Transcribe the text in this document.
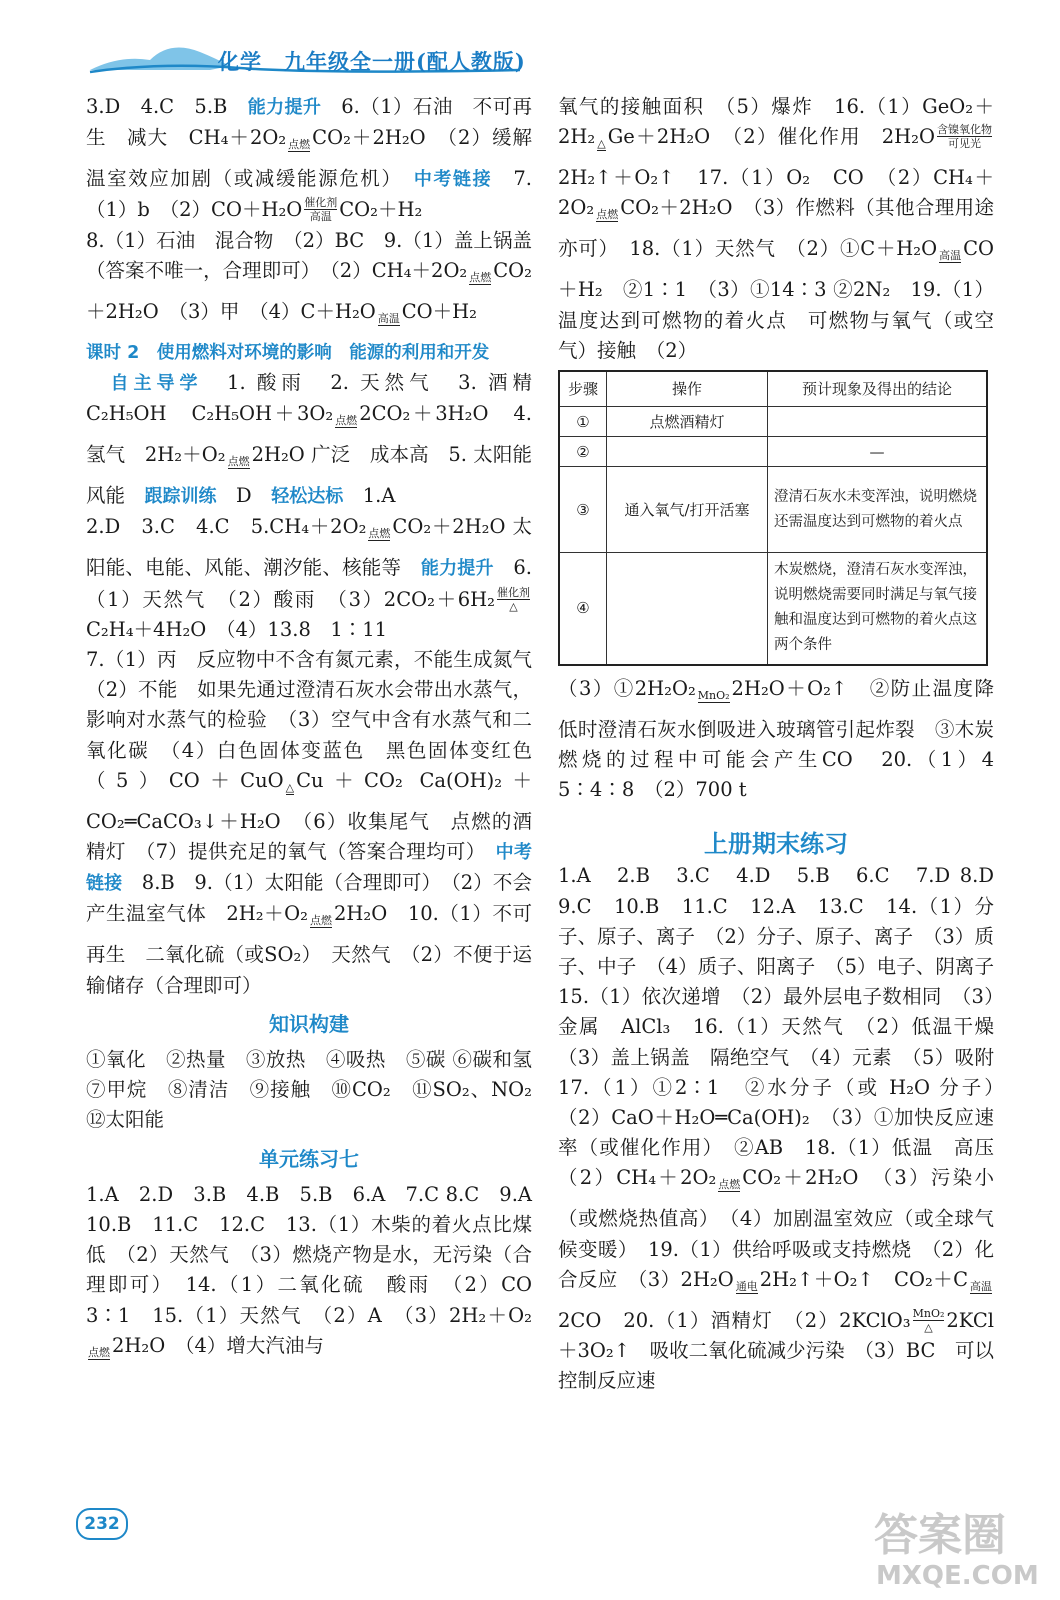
化学　九年级全一册(配人教版)

3.D　4.C　5.B　 能力提升　 6.（1）石油　不可再生　减大　CH₄＋2O₂ 点燃 CO₂＋2H₂O　（2）缓解温室效应加剧（或减缓能源危机）　 中考链接　 7.（1）b　（2）CO＋H₂O 催化剂
高温 CO₂＋H₂

8.（1）石油　混合物　（2）BC　9.（1）盖上锅盖（答案不唯一，合理即可）　（2）CH₄＋2O₂ 点燃 CO₂＋2H₂O　（3）甲　（4）C＋H₂O 高温 CO＋H₂

课时 2　使用燃料对环境的影响　能源的利用和开发

　自主导学　 1. 酸雨　2. 天然气　3. 酒精 C₂H₅OH　C₂H₅OH＋3O₂ 点燃 2CO₂＋3H₂O　4. 氢气　2H₂＋O₂ 点燃 2H₂O 广泛　成本高　5. 太阳能　风能　 跟踪训练　 D　 轻松达标　 1.A

2.D　3.C　4.C　5.CH₄＋2O₂ 点燃 CO₂＋2H₂O 太阳能、电能、风能、潮汐能、核能等　 能力提升　 6.（1）天然气　（2）酸雨　（3）2CO₂＋6H₂ 催化剂
△
C₂H₄＋4H₂O　（4）13.8　1∶11

7.（1）丙　反应物中不含有氮元素，不能生成氮气　（2）不能　如果先通过澄清石灰水会带出水蒸气，影响对水蒸气的检验　（3）空气中含有水蒸气和二氧化碳　（4）白色固体变蓝色　黑色固体变红色　（5）CO＋CuO △ Cu＋CO₂ Ca(OH)₂＋CO₂═CaCO₃↓＋H₂O　（6）收集尾气　点燃的酒精灯　（7）提供充足的氧气（答案合理均可）　 中考链接　 8.B　9.（1）太阳能（合理即可）　（2）不会产生温室气体　2H₂＋O₂ 点燃 2H₂O　10.（1）不可再生　二氧化硫（或SO₂）　天然气　（2）不便于运输储存（合理即可）

知识构建

①氧化　②热量　③放热　④吸热　⑤碳 ⑥碳和氢　⑦甲烷　⑧清洁　⑨接触　⑩CO₂　⑪SO₂、NO₂　⑫太阳能

单元练习七

1.A　2.D　3.B　4.B　5.B　6.A　7.C 8.C　9.A　10.B　11.C　12.C　13.（1）木柴的着火点比煤低　（2）天然气　（3）燃烧产物是水，无污染（合理即可）　14.（1）二氧化硫　酸雨　（2）CO　3∶1　15.（1）天然气　（2）A　（3）2H₂＋O₂
点燃 2H₂O　（4）增大汽油与

氧气的接触面积　（5）爆炸　16.（1）GeO₂＋2H₂ △ Ge＋2H₂O　（2）催化作用　2H₂O 含镍氧化物
可见光
2H₂↑＋O₂↑　17.（1）O₂　CO　（2）CH₄＋2O₂ 点燃 CO₂＋2H₂O　（3）作燃料（其他合理用途亦可）　18.（1）天然气　（2）①C＋H₂O 高温 CO＋H₂　②1∶1　（3）①14∶3 ②2N₂　19.（1）温度达到可燃物的着火点　可燃物与氧气（或空气）接触　（2）

步骤	操作	预计现象及得出的结论
①	点燃酒精灯	
②		—
③	通入氧气/打开活塞	澄清石灰水未变浑浊，说明燃烧还需温度达到可燃物的着火点
④		木炭燃烧，澄清石灰水变浑浊，说明燃烧需要同时满足与氧气接触和温度达到可燃物的着火点这两个条件

（3）①2H₂O₂ MnO₂ 2H₂O＋O₂↑　②防止温度降低时澄清石灰水倒吸进入玻璃管引起炸裂　③木炭燃烧的过程中可能会产生CO　20.（1）4　5∶4∶8　（2）700 t

上册期末练习

1.A　2.B　3.C　4.D　5.B　6.C　7.D 8.D　9.C　10.B　11.C　12.A　13.C　14.（1）分子、原子、离子　（2）分子、原子、离子　（3）质子、中子　（4）质子、阳离子　（5）电子、阴离子　15.（1）依次递增　（2）最外层电子数相同　（3）金属　AlCl₃　16.（1）天然气　（2）低温干燥　（3）盖上锅盖　隔绝空气　（4）元素　（5）吸附　17.（1）①2∶1　②水分子（或 H₂O 分子）　（2）CaO＋H₂O═Ca(OH)₂　（3）①加快反应速率（或催化作用）　②AB　18.（1）低温　高压　（2）CH₄＋2O₂ 点燃 CO₂＋2H₂O　（3）污染小（或燃烧热值高）　（4）加剧温室效应（或全球气候变暖）　19.（1）供给呼吸或支持燃烧　（2）化合反应　（3）2H₂O 通电 2H₂↑＋O₂↑　CO₂＋C 高温
2CO　20.（1）酒精灯　（2）2KClO₃ MnO₂
△ 2KCl＋3O₂↑　吸收二氧化硫减少污染　（3）BC　可以控制反应速

232	答案圈
MXQE.COM
